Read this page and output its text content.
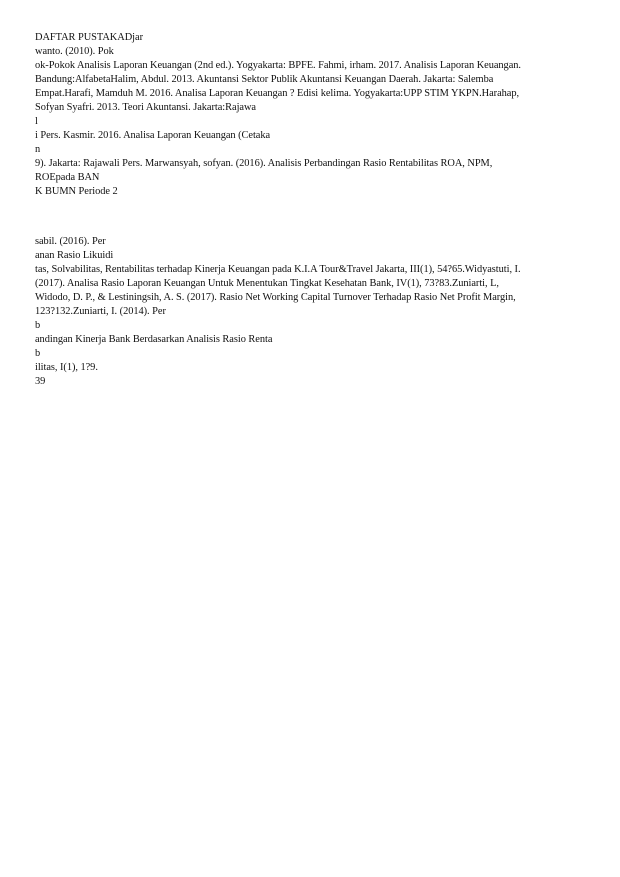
DAFTAR PUSTAKADjar

wanto. (2010). Pok

ok-Pokok Analisis Laporan Keuangan (2nd ed.). Yogyakarta: BPFE. Fahmi, irham. 2017. Analisis Laporan Keuangan.

Bandung:AlfabetaHalim, Abdul. 2013. Akuntansi Sektor Publik Akuntansi Keuangan Daerah. Jakarta: Salemba

Empat.Harafi, Mamduh M. 2016. Analisa Laporan Keuangan ? Edisi kelima. Yogyakarta:UPP STIM YKPN.Harahap,

Sofyan Syafri. 2013. Teori Akuntansi. Jakarta:Rajawa

l

i Pers. Kasmir. 2016. Analisa Laporan Keuangan (Cetaka

n

9). Jakarta: Rajawali Pers. Marwansyah, sofyan. (2016). Analisis Perbandingan Rasio Rentabilitas ROA, NPM,

ROEpada BAN

K BUMN Periode 2

sabil. (2016). Per

anan Rasio Likuidi

tas, Solvabilitas, Rentabilitas terhadap Kinerja Keuangan pada K.I.A Tour&Travel Jakarta, III(1), 54?65.Widyastuti, I.

(2017). Analisa Rasio Laporan Keuangan Untuk Menentukan Tingkat Kesehatan Bank, IV(1), 73?83.Zuniarti, L,

Widodo, D. P., & Lestiningsih, A. S. (2017). Rasio Net Working Capital Turnover Terhadap Rasio Net Profit Margin,

123?132.Zuniarti, I. (2014). Per

b

andingan Kinerja Bank Berdasarkan Analisis Rasio Renta

b

ilitas, I(1), 1?9.

39
